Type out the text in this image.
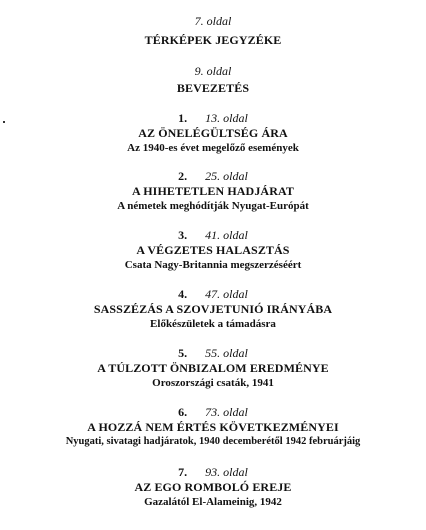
7. oldal
TÉRKÉPEK JEGYZÉKE
9. oldal
BEVEZETÉS
1. 13. oldal
AZ ÖNELÉGÜLTSÉG ÁRA
Az 1940-es évet megelőző események
2. 25. oldal
A HIHETETLEN HADJÁRAT
A németek meghódítják Nyugat-Európát
3. 41. oldal
A VÉGZETES HALASZTÁS
Csata Nagy-Britannia megszerzéséért
4. 47. oldal
SASSZÉZÁS A SZOVJETUNIÓ IRÁNYÁBA
Előkészületek a támadásra
5. 55. oldal
A TÚLZOTT ÖNBIZALOM EREDMÉNYE
Oroszországi csaták, 1941
6. 73. oldal
A HOZZÁ NEM ÉRTÉS KÖVETKEZMÉNYEI
Nyugati, sivatagi hadjáratok, 1940 decemberétől 1942 februárjáig
7. 93. oldal
AZ EGO ROMBOLÓ EREJE
Gazalától El-Alameinig, 1942
